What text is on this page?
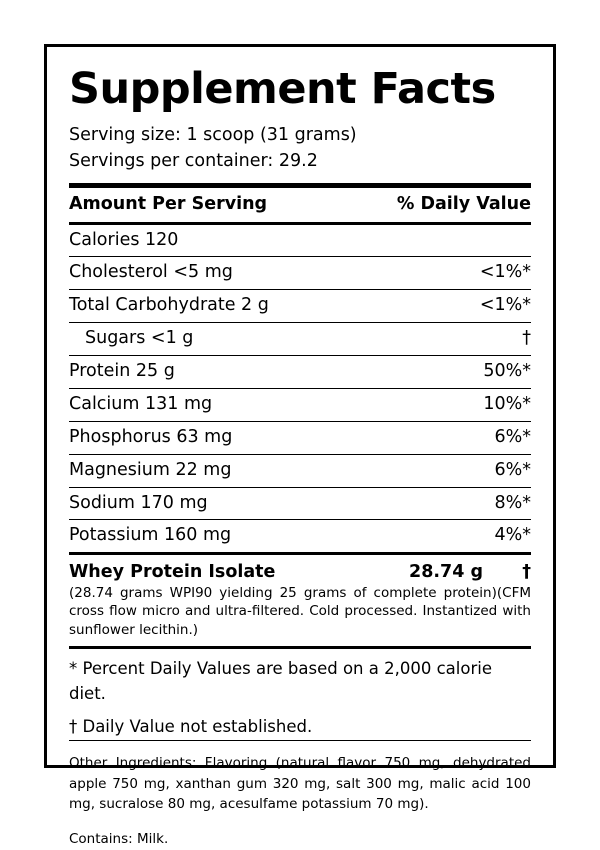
Supplement Facts
Serving size: 1 scoop (31 grams)
Servings per container: 29.2
Amount Per Serving	% Daily Value
Calories 120
Cholesterol <5 mg	<1%*
Total Carbohydrate 2 g	<1%*
Sugars <1 g	†
Protein 25 g	50%*
Calcium 131 mg	10%*
Phosphorus 63 mg	6%*
Magnesium 22 mg	6%*
Sodium 170 mg	8%*
Potassium 160 mg	4%*
Whey Protein Isolate	28.74 g	†
(28.74 grams WPI90 yielding 25 grams of complete protein)(CFM cross flow micro and ultra-filtered. Cold processed. Instantized with sunflower lecithin.)
* Percent Daily Values are based on a 2,000 calorie diet.
† Daily Value not established.
Other Ingredients: Flavoring (natural flavor 750 mg, dehydrated apple 750 mg, xanthan gum 320 mg, salt 300 mg, malic acid 100 mg, sucralose 80 mg, acesulfame potassium 70 mg).
Contains: Milk.
